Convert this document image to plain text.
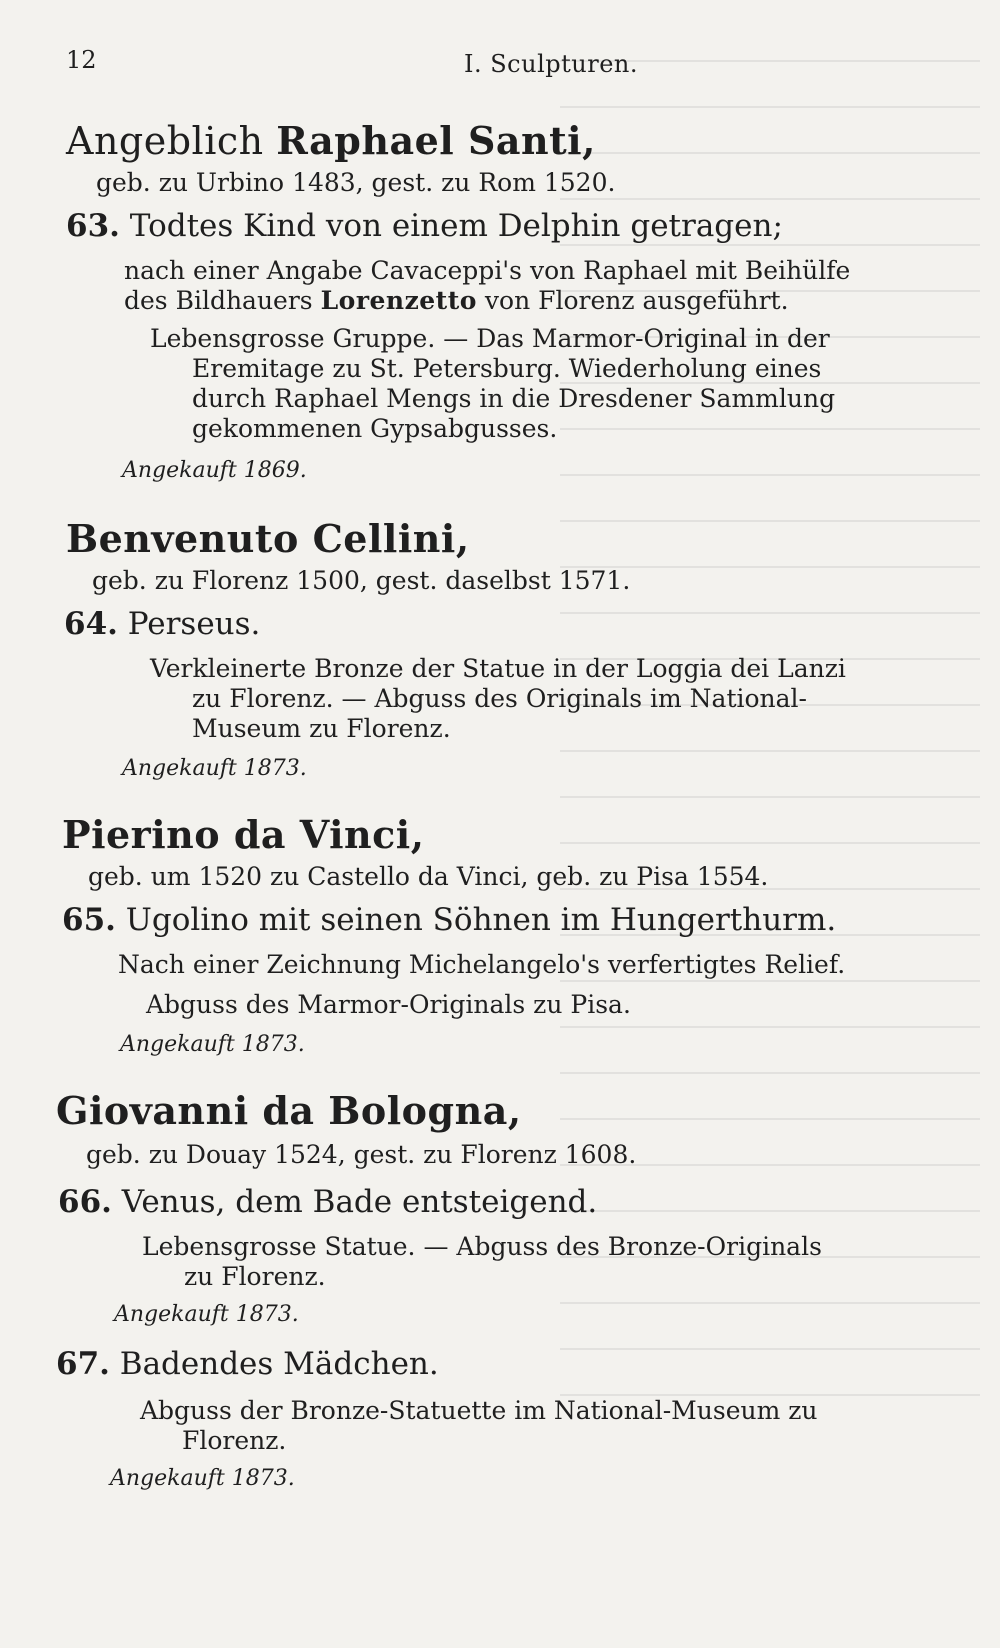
12	I. Sculpturen.
Angeblich Raphael Santi,
geb. zu Urbino 1483, gest. zu Rom 1520.
63. Todtes Kind von einem Delphin getragen;
nach einer Angabe Cavaceppi's von Raphael mit Beihülfe
des Bildhauers Lorenzetto von Florenz ausgeführt.
Lebensgrosse Gruppe. — Das Marmor-Original in der
Eremitage zu St. Petersburg. Wiederholung eines
durch Raphael Mengs in die Dresdener Sammlung
gekommenen Gypsabgusses.
Angekauft 1869.
Benvenuto Cellini,
geb. zu Florenz 1500, gest. daselbst 1571.
64. Perseus.
Verkleinerte Bronze der Statue in der Loggia dei Lanzi
zu Florenz. — Abguss des Originals im National-
Museum zu Florenz.
Angekauft 1873.
Pierino da Vinci,
geb. um 1520 zu Castello da Vinci, geb. zu Pisa 1554.
65. Ugolino mit seinen Söhnen im Hungerthurm.
Nach einer Zeichnung Michelangelo's verfertigtes Relief.
Abguss des Marmor-Originals zu Pisa.
Angekauft 1873.
Giovanni da Bologna,
geb. zu Douay 1524, gest. zu Florenz 1608.
66. Venus, dem Bade entsteigend.
Lebensgrosse Statue. — Abguss des Bronze-Originals
zu Florenz.
Angekauft 1873.
67. Badendes Mädchen.
Abguss der Bronze-Statuette im National-Museum zu
Florenz.
Angekauft 1873.
